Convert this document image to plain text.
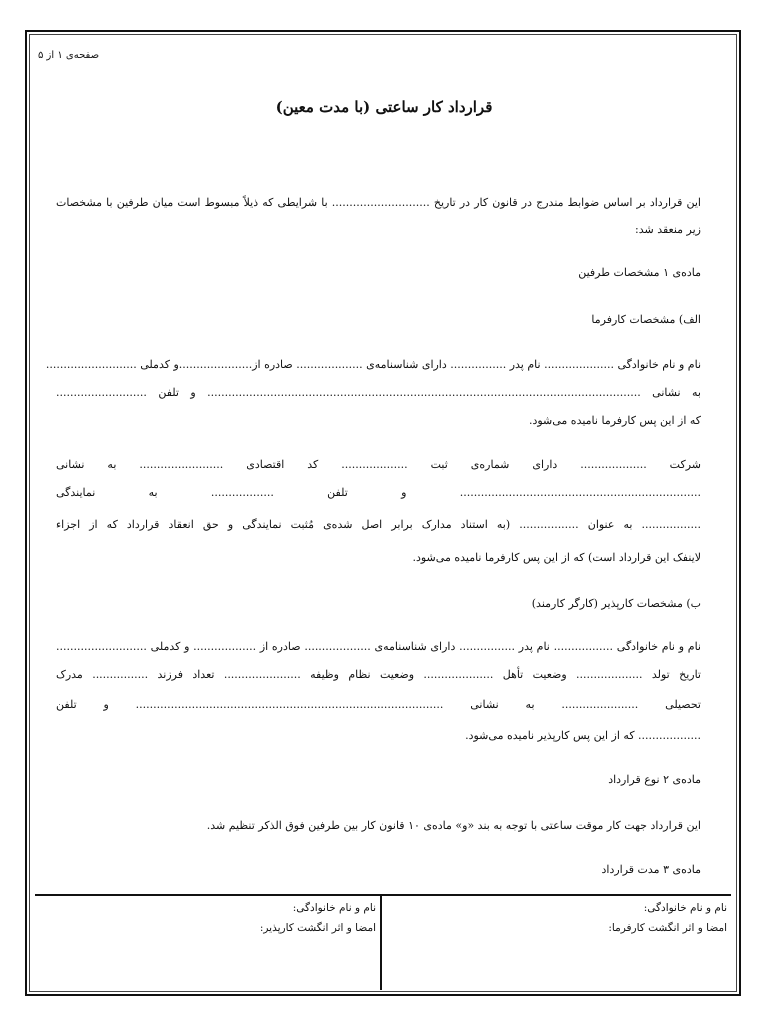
صفحه‌ی ۱ از ۵
قرارداد کار ساعتی (با مدت معین)
این قرارداد بر اساس ضوابط مندرج در قانون کار در تاریخ ............................ با شرایطی که ذیلاً مبسوط است میان طرفین با مشخصات
زیر منعقد شد:
ماده‌ی ۱ مشخصات طرفین
الف) مشخصات کارفرما
نام و نام خانوادگی .................... نام پدر ................ دارای شناسنامه‌ی ................... صادره از.....................و کدملی ..........................
به نشانی ............................................................................................................................ و تلفن ..........................
که از این پس کارفرما نامیده می‌شود.
شرکت ................... دارای شماره‌ی ثبت ................... کد اقتصادی ........................ به نشانی
..................................................................... و تلفن .................. به نمایندگی
................. به عنوان ................. (به استناد مدارک برابر اصل شده‌ی مُثبت نمایندگی و حق انعقاد قرارداد که از اجزاء
لاینفک این قرارداد است) که از این پس کارفرما نامیده می‌شود.
ب) مشخصات کارپذیر (کارگر کارمند)
نام و نام خانوادگی ................. نام پدر ................ دارای شناسنامه‌ی ................... صادره از .................. و کدملی ..........................
تاریخ تولد ................... وضعیت تأهل .................... وضعیت نظام وظیفه ...................... تعداد فرزند ................ مدرک
تحصیلی ...................... به نشانی ........................................................................................ و تلفن
.................. که از این پس کارپذیر نامیده می‌شود.
ماده‌ی ۲ نوع قرارداد
این قرارداد جهت کار موقت ساعتی با توجه به بند «و» ماده‌ی ۱۰ قانون کار بین طرفین فوق الذکر تنظیم شد.
ماده‌ی ۳ مدت قرارداد
نام و نام خانوادگی:
امضا و اثر انگشت کارفرما:
نام و نام خانوادگی:
امضا و اثر انگشت کارپذیر:
